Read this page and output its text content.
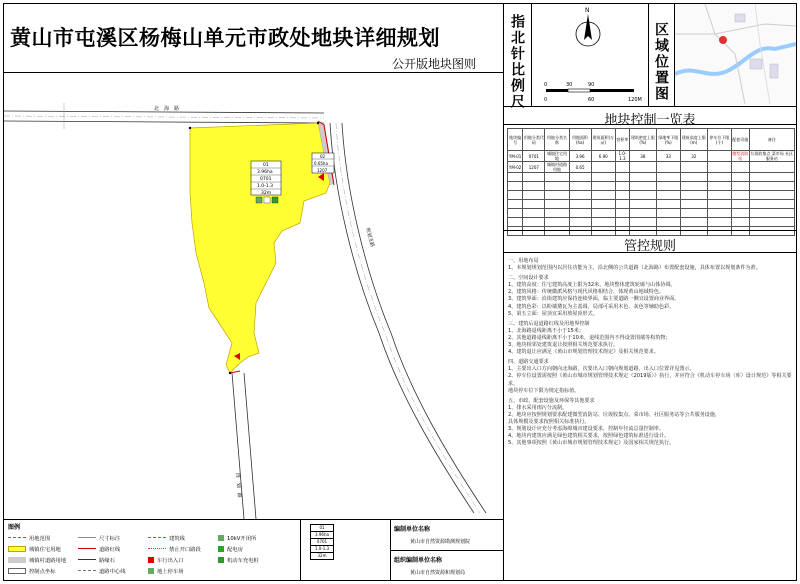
黄山市屯溪区杨梅山单元市政处地块详细规划
公开版地块图则 指北针比例尺	区域位置图
N
0	30	90
0	60	120M
北　海　路
规划支路
规　划　路
01
3.96ha
0701
1.0-1.3
32m
02
0.65ha
1207
地块控制一览表
地块编号	用地分类代码	用地分类名称	用地面积(ha)	建筑面积(万㎡)	容积率	建筑密度上限(%)	绿地率下限(%)	建筑高度上限(m)	停车位下限(个)	配套设施	备注
YM-01	0701	城镇住宅用地	3.96	6.90	1.0-1.3	38	33	32		微型消防站	垃圾收集点 菜市场 社区服务站
YM-02	1207	城镇村道路用地	0.65								

管控规则

一、用地布局

1、本规划规划范围内以居住功能为主，沿北侧的公共道路（北海路）布置配套设施，具体布置以规划条件为准。

二、空间设计要求

1、建筑高度：住宅建筑高度上限为32米，地块整体建筑轮廓与山体协调。

2、建筑风格：传统徽派风格与现代风格相结合，体现黄山地域特色。

3、建筑界面：沿街建筑应保持连续界面，临主要道路一侧宜设置商业界面。

4、建筑色彩：以粉墙黛瓦为主基调，局部可采用木色、灰色等辅助色彩。

5、第五立面：屋顶宜采用坡屋顶形式。

三、建筑后退道路红线及用地界控制

1、北海路退线距离不小于15米；

2、其他道路退线距离不小于10米，退线范围内不得设置围墙等构筑物；

3、地块相邻处建筑退让按照相关规范要求执行。

4、建筑退让应满足《黄山市规划管理技术规定》及相关规范要求。

四、道路交通要求

1、主要出入口方向朝向北海路，次要出入口朝向规划道路，出入口位置详见图示。

2、停车位设置需按照《黄山市城市规划管理技术规定（2019版）》执行，并应符合《机动车停车场（库）设计规范》等相关要求，

地块停车位下限为规定指标值。

五、市政、配套设施及环保等其他要求

1、排水采用雨污分流制。

2、地块应按照规划要求配建微型消防站、垃圾收集点、菜市场、社区服务站等公共服务设施，

具体规模及要求按照相关标准执行。

3、规划设计应充分考虑海绵城市建设要求，控制年径流总量控制率。

4、地块内建筑应满足绿色建筑相关要求，按照绿色建筑标准进行设计。

5、其他事项按照《黄山市城市规划管理技术规定》及国家相关规范执行。

图例
用地范围
城镇住宅用地
城镇村道路用地
控制点坐标
尺寸标注
道路红线
路缘石
道路中心线
建筑线
禁止开口路段
车行出入口
地上停车场
10kV开闭所
配电房
机动车充电桩
01
3.96ha
0701
1.0-1.3
32m
编制单位名称
黄山市自然资源勘测规划院
组织编制单位名称
黄山市自然资源和规划局
